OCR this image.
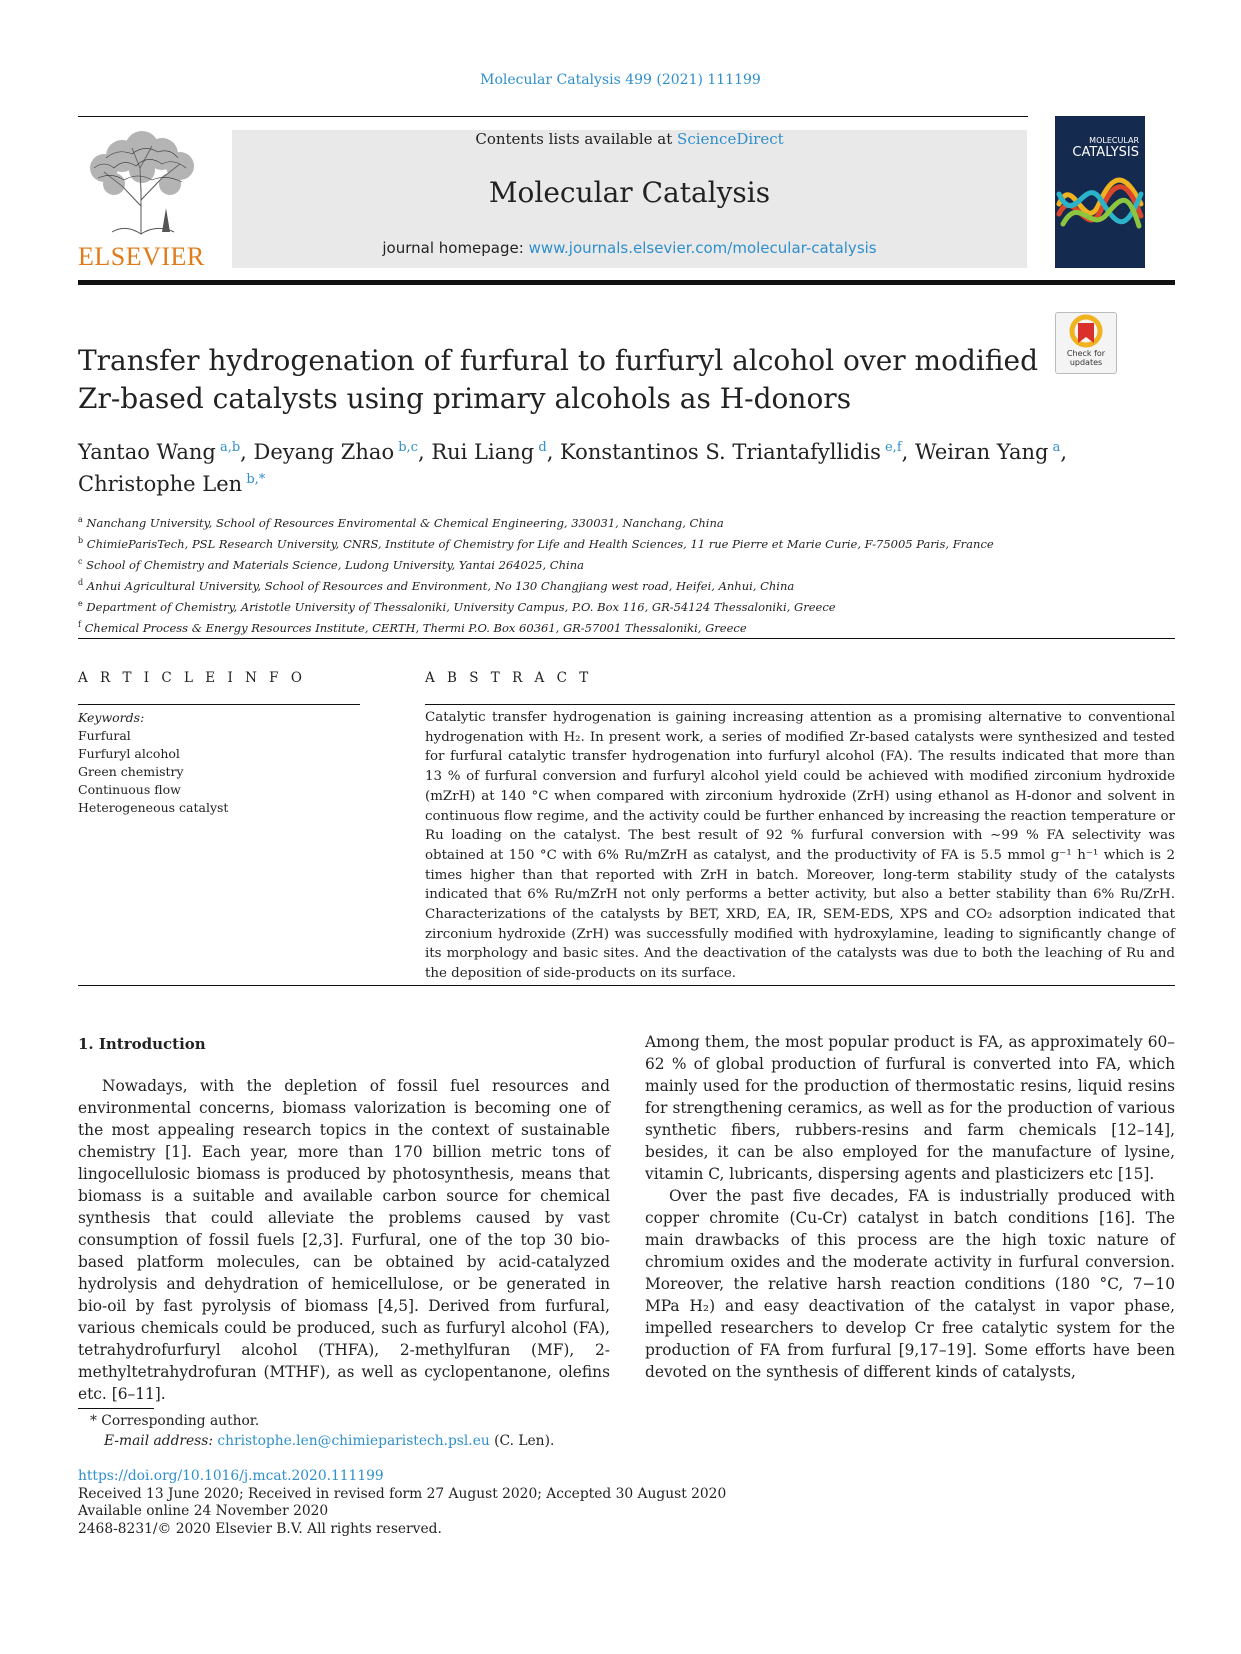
Molecular Catalysis 499 (2021) 111199
ELSEVIER
Contents lists available at ScienceDirect
Molecular Catalysis
journal homepage: www.journals.elsevier.com/molecular-catalysis
MOLECULAR
CATALYSIS
Check for
updates
Transfer hydrogenation of furfural to furfuryl alcohol over modified
Zr-based catalysts using primary alcohols as H-donors
Yantao Wang $^{a,b}$, Deyang Zhao $^{b,c}$, Rui Liang $^d$, Konstantinos S. Triantafyllidis $^{e,f}$, Weiran Yang $^a$,
Christophe Len $^{b,*}$
$^a$ Nanchang University, School of Resources Enviromental & Chemical Engineering, 330031, Nanchang, China
$^b$ ChimieParisTech, PSL Research University, CNRS, Institute of Chemistry for Life and Health Sciences, 11 rue Pierre et Marie Curie, F-75005 Paris, France
$^c$ School of Chemistry and Materials Science, Ludong University, Yantai 264025, China
$^d$ Anhui Agricultural University, School of Resources and Environment, No 130 Changjiang west road, Heifei, Anhui, China
$^e$ Department of Chemistry, Aristotle University of Thessaloniki, University Campus, P.O. Box 116, GR-54124 Thessaloniki, Greece
$^f$ Chemical Process & Energy Resources Institute, CERTH, Thermi P.O. Box 60361, GR-57001 Thessaloniki, Greece
A R T I C L E I N F O
Keywords:
Furfural
Furfuryl alcohol
Green chemistry
Continuous flow
Heterogeneous catalyst
A B S T R A C T

Catalytic transfer hydrogenation is gaining increasing attention as a promising alternative to conventional hydrogenation with H₂. In present work, a series of modified Zr-based catalysts were synthesized and tested for furfural catalytic transfer hydrogenation into furfuryl alcohol (FA). The results indicated that more than 13 % of furfural conversion and furfuryl alcohol yield could be achieved with modified zirconium hydroxide (mZrH) at 140 °C when compared with zirconium hydroxide (ZrH) using ethanol as H-donor and solvent in continuous flow regime, and the activity could be further enhanced by increasing the reaction temperature or Ru loading on the catalyst. The best result of 92 % furfural conversion with ∼99 % FA selectivity was obtained at 150 °C with 6% Ru/mZrH as catalyst, and the productivity of FA is 5.5 mmol g⁻¹ h⁻¹ which is 2 times higher than that reported with ZrH in batch. Moreover, long-term stability study of the catalysts indicated that 6% Ru/mZrH not only performs a better activity, but also a better stability than 6% Ru/ZrH. Characterizations of the catalysts by BET, XRD, EA, IR, SEM-EDS, XPS and CO₂ adsorption indicated that zirconium hydroxide (ZrH) was successfully modified with hydroxylamine, leading to significantly change of its morphology and basic sites. And the deactivation of the catalysts was due to both the leaching of Ru and the deposition of side-products on its surface.

1. Introduction

Nowadays, with the depletion of fossil fuel resources and environmental concerns, biomass valorization is becoming one of the most appealing research topics in the context of sustainable chemistry [1]. Each year, more than 170 billion metric tons of lingocellulosic biomass is produced by photosynthesis, means that biomass is a suitable and available carbon source for chemical synthesis that could alleviate the problems caused by vast consumption of fossil fuels [2,3]. Furfural, one of the top 30 bio-based platform molecules, can be obtained by acid-catalyzed hydrolysis and dehydration of hemicellulose, or be generated in bio-oil by fast pyrolysis of biomass [4,5]. Derived from furfural, various chemicals could be produced, such as furfuryl alcohol (FA), tetrahydrofurfuryl alcohol (THFA), 2-methylfuran (MF), 2-methyltetrahydrofuran (MTHF), as well as cyclopentanone, olefins etc. [6–11].

Among them, the most popular product is FA, as approximately 60–62 % of global production of furfural is converted into FA, which mainly used for the production of thermostatic resins, liquid resins for strengthening ceramics, as well as for the production of various synthetic fibers, rubbers-resins and farm chemicals [12–14], besides, it can be also employed for the manufacture of lysine, vitamin C, lubricants, dispersing agents and plasticizers etc [15].

Over the past five decades, FA is industrially produced with copper chromite (Cu-Cr) catalyst in batch conditions [16]. The main drawbacks of this process are the high toxic nature of chromium oxides and the moderate activity in furfural conversion. Moreover, the relative harsh reaction conditions (180 °C, 7−10 MPa H₂) and easy deactivation of the catalyst in vapor phase, impelled researchers to develop Cr free catalytic system for the production of FA from furfural [9,17–19]. Some efforts have been devoted on the synthesis of different kinds of catalysts,

* Corresponding author.
E-mail address: christophe.len@chimieparistech.psl.eu (C. Len).
https://doi.org/10.1016/j.mcat.2020.111199
Received 13 June 2020; Received in revised form 27 August 2020; Accepted 30 August 2020
Available online 24 November 2020
2468-8231/© 2020 Elsevier B.V. All rights reserved.
